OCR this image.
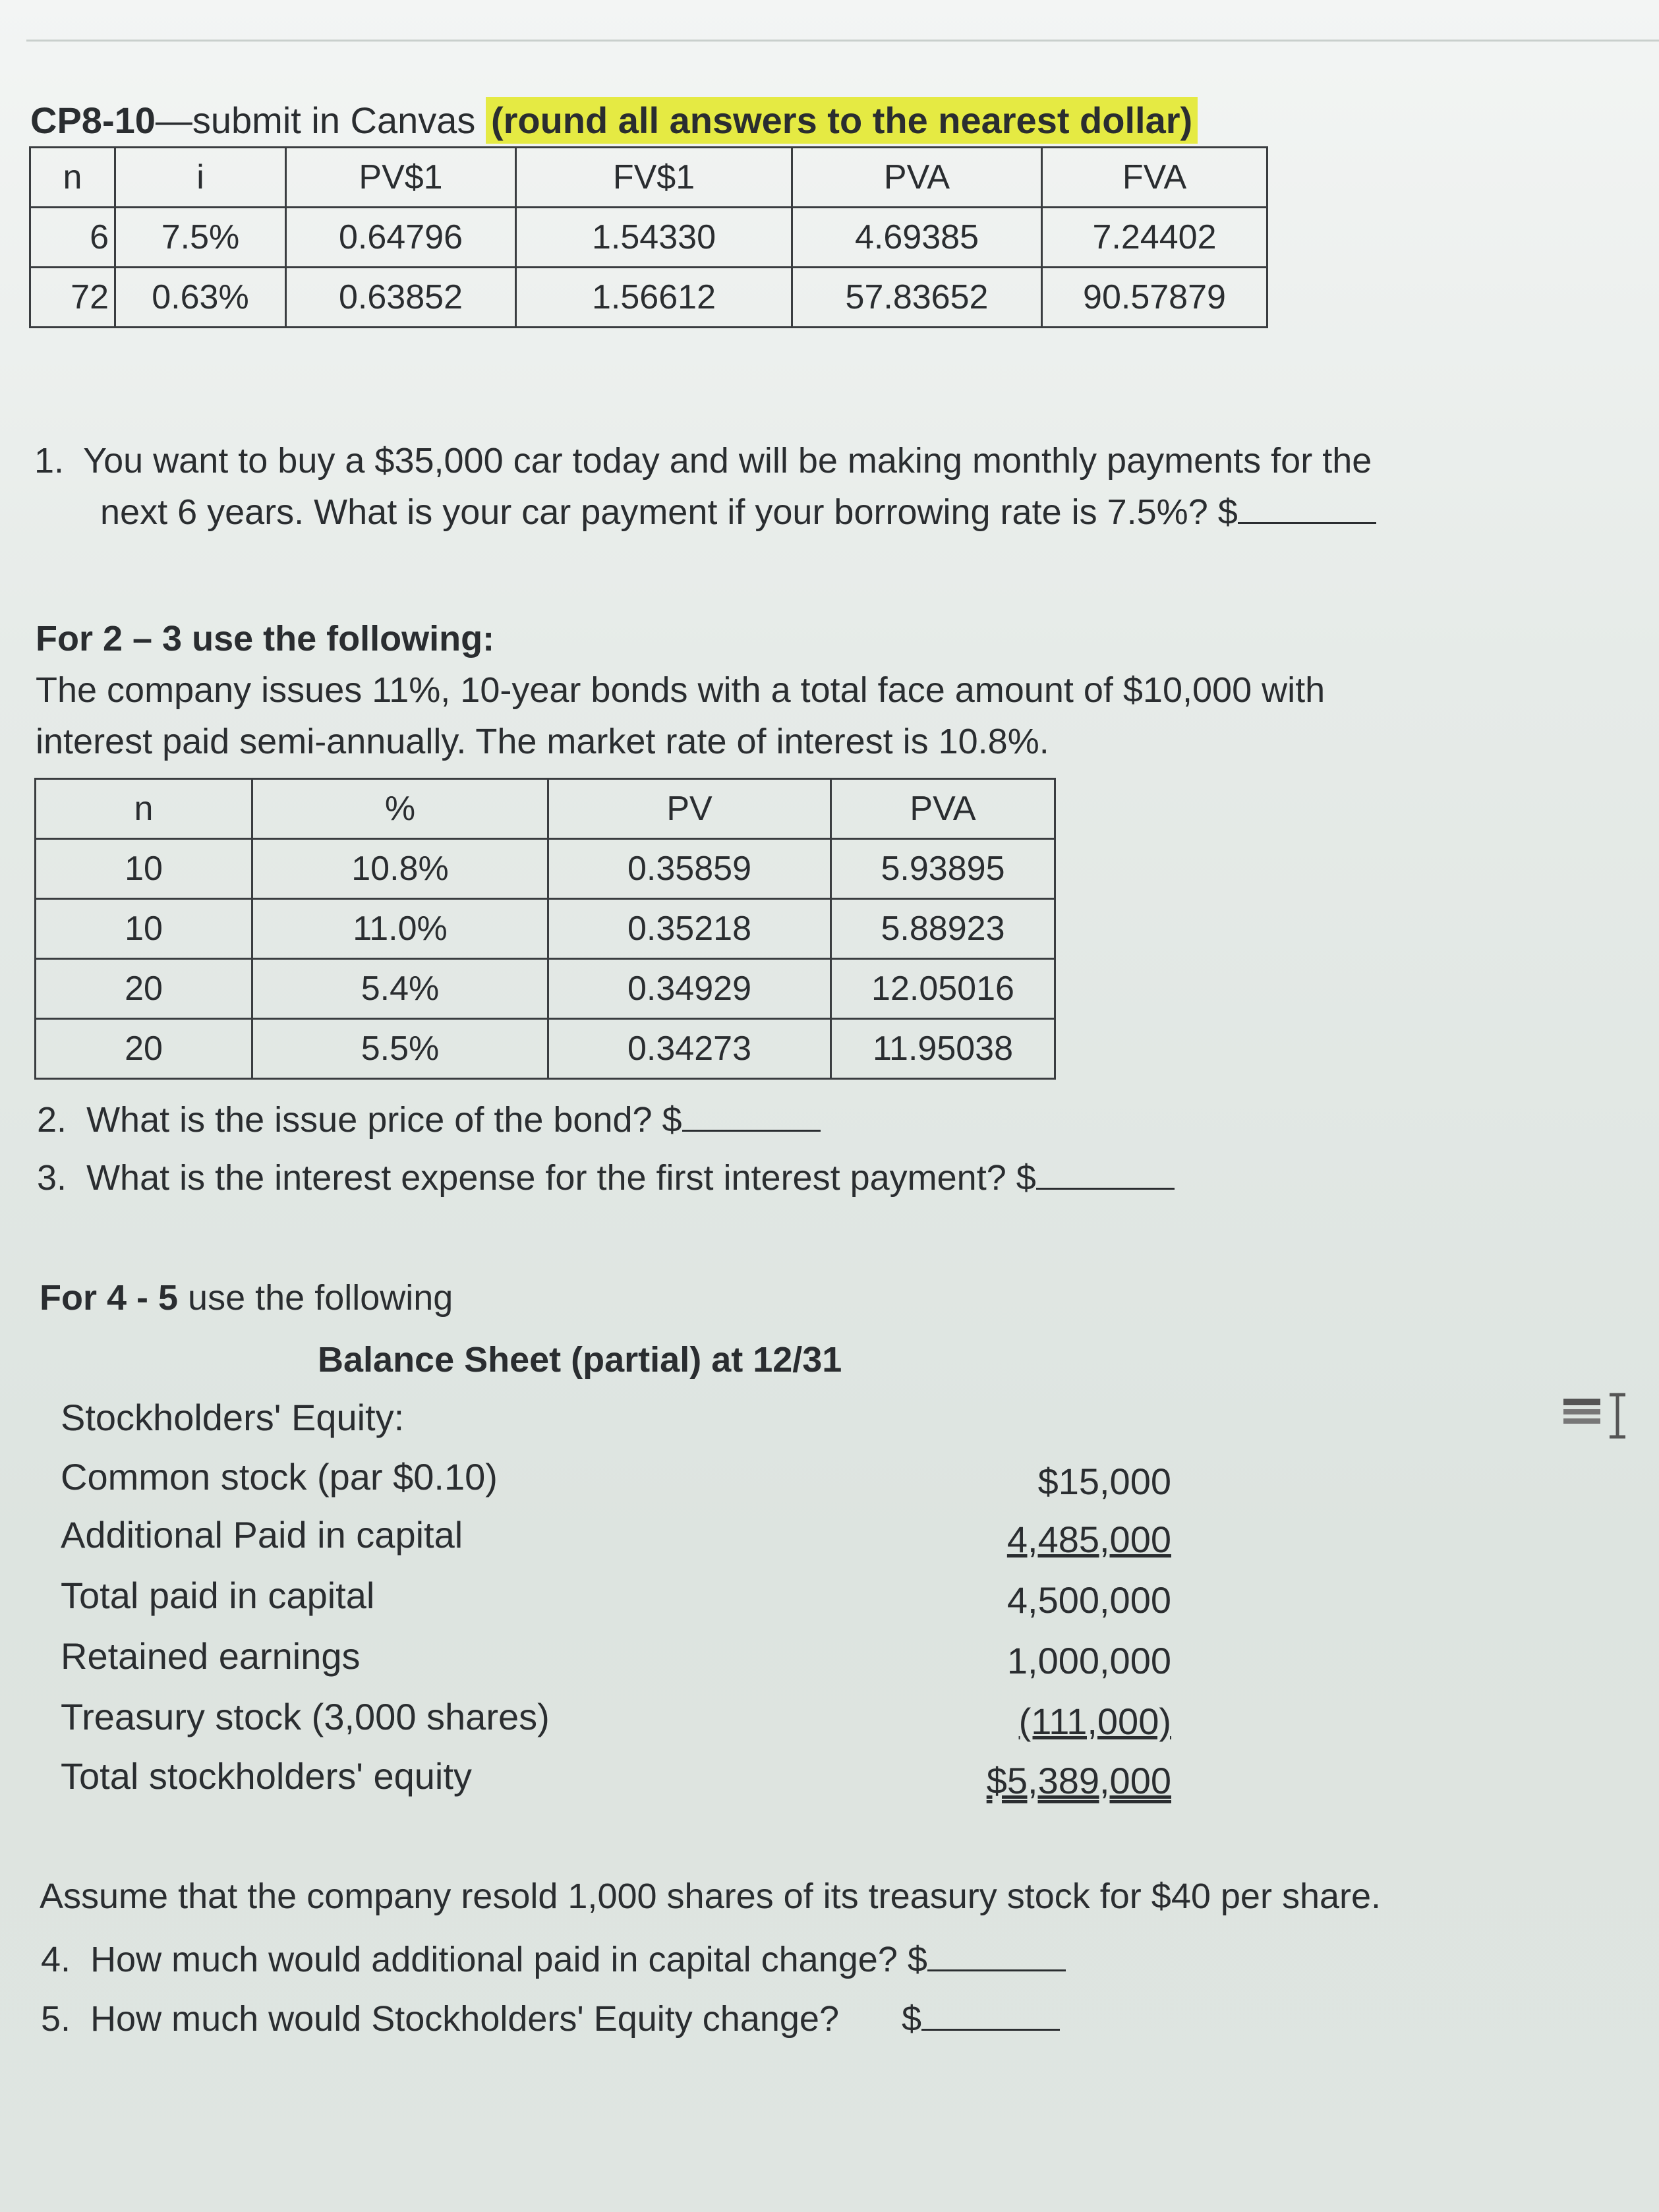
CP8-10—submit in Canvas (round all answers to the nearest dollar)
n	i	PV$1	FV$1	PVA	FVA
6	7.5%	0.64796	1.54330	4.69385	7.24402
72	0.63%	0.63852	1.56612	57.83652	90.57879
1. You want to buy a $35,000 car today and will be making monthly payments for the
next 6 years. What is your car payment if your borrowing rate is 7.5%? $
For 2 – 3 use the following:
The company issues 11%, 10-year bonds with a total face amount of $10,000 with
interest paid semi-annually. The market rate of interest is 10.8%.
n	%	PV	PVA
10	10.8%	0.35859	5.93895
10	11.0%	0.35218	5.88923
20	5.4%	0.34929	12.05016
20	5.5%	0.34273	11.95038
2. What is the issue price of the bond? $
3. What is the interest expense for the first interest payment? $
For 4 - 5 use the following
Balance Sheet (partial) at 12/31
Stockholders' Equity:
Common stock (par $0.10)	$15,000
Additional Paid in capital	4,485,000
Total paid in capital	4,500,000
Retained earnings	1,000,000
Treasury stock (3,000 shares)	(111,000)
Total stockholders' equity	$5,389,000
Assume that the company resold 1,000 shares of its treasury stock for $40 per share.
4. How much would additional paid in capital change? $
5. How much would Stockholders' Equity change? $
